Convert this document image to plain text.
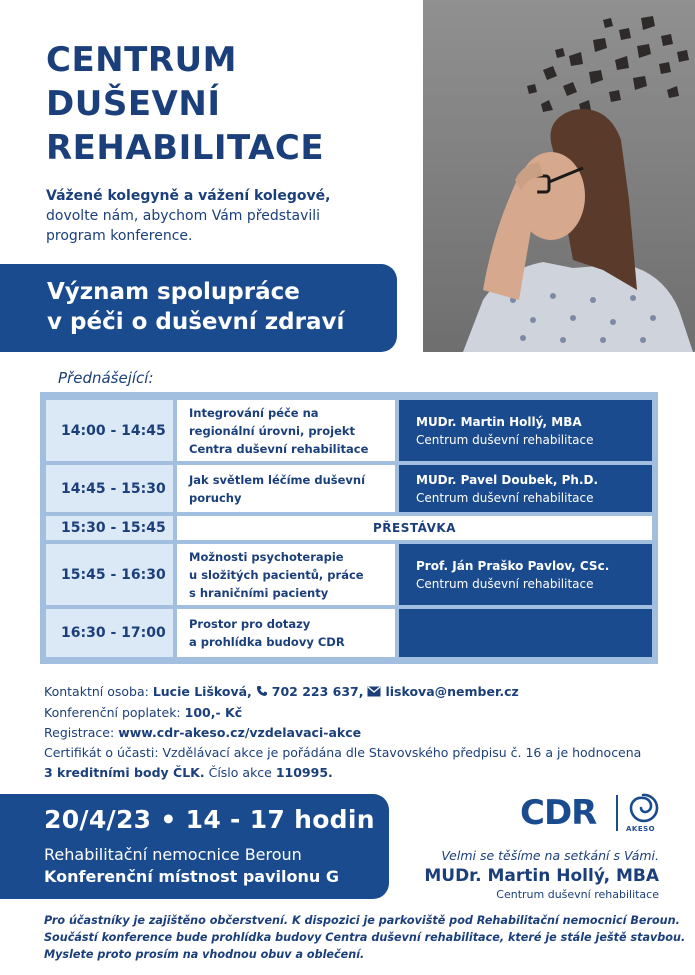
CENTRUM
DUŠEVNÍ
REHABILITACE
Vážené kolegyně a vážení kolegové,
dovolte nám, abychom Vám představili
program konference.
Význam spolupráce
v péči o duševní zdraví
Přednášející:
14:00 - 14:45
Integrování péče na
regionální úrovni, projekt
Centra duševní rehabilitace
MUDr. Martin Hollý, MBA
Centrum duševní rehabilitace
14:45 - 15:30
Jak světlem léčíme duševní
poruchy
MUDr. Pavel Doubek, Ph.D.
Centrum duševní rehabilitace
15:30 - 15:45	PŘESTÁVKA
15:45 - 16:30
Možnosti psychoterapie
u složitých pacientů, práce
s hraničními pacienty
Prof. Ján Praško Pavlov, CSc.
Centrum duševní rehabilitace
16:30 - 17:00
Prostor pro dotazy
a prohlídka budovy CDR
Kontaktní osoba: Lucie Lišková, 702 223 637, liskova@nember.cz
Konferenční poplatek: 100,- Kč
Registrace: www.cdr-akeso.cz/vzdelavaci-akce
Certifikát o účasti: Vzdělávací akce je pořádána dle Stavovského předpisu č. 16 a je hodnocena
3 kreditními body ČLK. Číslo akce 110995.
20/4/23 • 14 - 17 hodin
Rehabilitační nemocnice Beroun
Konferenční místnost pavilonu G
CDR	AKESO
Velmi se těšíme na setkání s Vámi.
MUDr. Martin Hollý, MBA
Centrum duševní rehabilitace
Pro účastníky je zajištěno občerstvení. K dispozici je parkoviště pod Rehabilitační nemocnicí Beroun.
Součástí konference bude prohlídka budovy Centra duševní rehabilitace, které je stále ještě stavbou.
Myslete proto prosím na vhodnou obuv a oblečení.
